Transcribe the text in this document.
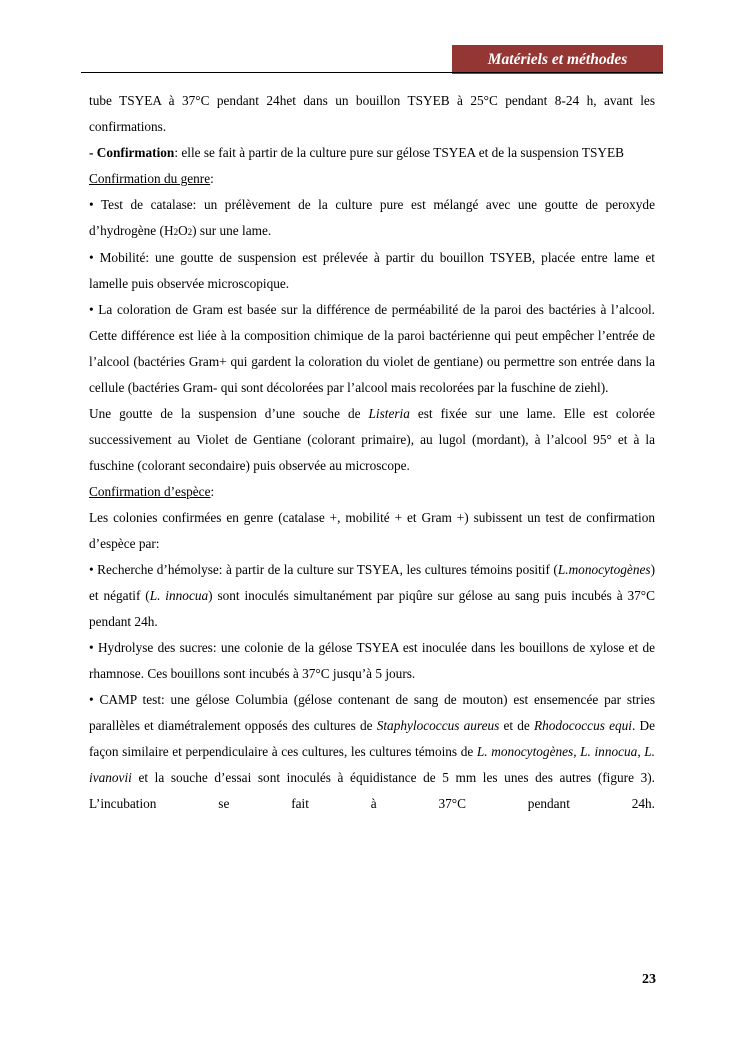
Matériels et méthodes

tube TSYEA à 37°C pendant 24het dans un bouillon TSYEB à 25°C pendant 8-24 h, avant les confirmations.

- Confirmation: elle se fait à partir de la culture pure sur gélose TSYEA et de la suspension TSYEB

Confirmation du genre:

• Test de catalase: un prélèvement de la culture pure est mélangé avec une goutte de peroxyde d’hydrogène (H2O2) sur une lame.

• Mobilité: une goutte de suspension est prélevée à partir du bouillon TSYEB, placée entre lame et lamelle puis observée microscopique.

• La coloration de Gram est basée sur la différence de perméabilité de la paroi des bactéries à l’alcool. Cette différence est liée à la composition chimique de la paroi bactérienne qui peut empêcher l’entrée de l’alcool (bactéries Gram+ qui gardent la coloration du violet de gentiane) ou permettre son entrée dans la cellule (bactéries Gram- qui sont décolorées par l’alcool mais recolorées par la fuschine de ziehl).

Une goutte de la suspension d’une souche de Listeria est fixée sur une lame. Elle est colorée successivement au Violet de Gentiane (colorant primaire), au lugol (mordant), à l’alcool 95° et à la fuschine (colorant secondaire) puis observée au microscope.

Confirmation d’espèce:

Les colonies confirmées en genre (catalase +, mobilité + et Gram +) subissent un test de confirmation d’espèce par:

• Recherche d’hémolyse: à partir de la culture sur TSYEA, les cultures témoins positif (L.monocytogènes) et négatif (L. innocua) sont inoculés simultanément par piqûre sur gélose au sang puis incubés à 37°C pendant 24h.

• Hydrolyse des sucres: une colonie de la gélose TSYEA est inoculée dans les bouillons de xylose et de rhamnose. Ces bouillons sont incubés à 37°C jusqu’à 5 jours.

• CAMP test: une gélose Columbia (gélose contenant de sang de mouton) est ensemencée par stries parallèles et diamétralement opposés des cultures de Staphylococcus aureus et de Rhodococcus equi. De façon similaire et perpendiculaire à ces cultures, les cultures témoins de L. monocytogènes, L. innocua, L. ivanovii et la souche d’essai sont inoculés à équidistance de 5 mm les unes des autres (figure 3). L’incubation se fait à 37°C pendant 24h.

23
